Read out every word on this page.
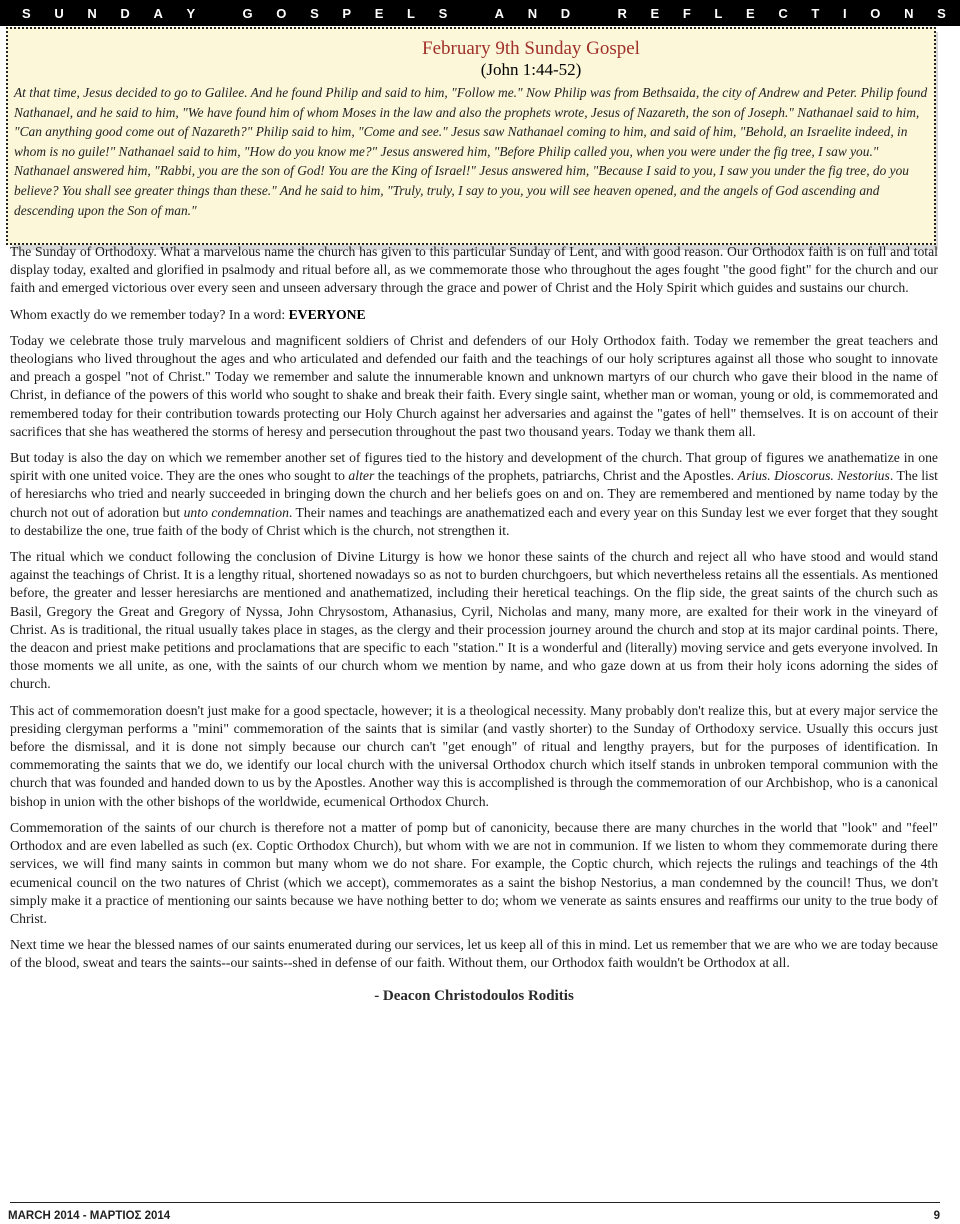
S U N D A Y	G O S P E L S	A N D	R E F L E C T I O N S
February 9th Sunday Gospel
(John 1:44-52)
At that time, Jesus decided to go to Galilee. And he found Philip and said to him, "Follow me." Now Philip was from Bethsaida, the city of Andrew and Peter. Philip found Nathanael, and he said to him, "We have found him of whom Moses in the law and also the prophets wrote, Jesus of Nazareth, the son of Joseph." Nathanael said to him, "Can anything good come out of Nazareth?" Philip said to him, "Come and see." Jesus saw Nathanael coming to him, and said of him, "Behold, an Israelite indeed, in whom is no guile!" Nathanael said to him, "How do you know me?" Jesus answered him, "Before Philip called you, when you were under the fig tree, I saw you." Nathanael answered him, "Rabbi, you are the son of God! You are the King of Israel!" Jesus answered him, "Because I said to you, I saw you under the fig tree, do you believe? You shall see greater things than these." And he said to him, "Truly, truly, I say to you, you will see heaven opened, and the angels of God ascending and descending upon the Son of man."

The Sunday of Orthodoxy. What a marvelous name the church has given to this particular Sunday of Lent, and with good reason. Our Orthodox faith is on full and total display today, exalted and glorified in psalmody and ritual before all, as we commemorate those who throughout the ages fought "the good fight" for the church and our faith and emerged victorious over every seen and unseen adversary through the grace and power of Christ and the Holy Spirit which guides and sustains our church.

Whom exactly do we remember today? In a word: EVERYONE

Today we celebrate those truly marvelous and magnificent soldiers of Christ and defenders of our Holy Orthodox faith. Today we remember the great teachers and theologians who lived throughout the ages and who articulated and defended our faith and the teachings of our holy scriptures against all those who sought to innovate and preach a gospel "not of Christ." Today we remember and salute the innumerable known and unknown martyrs of our church who gave their blood in the name of Christ, in defiance of the powers of this world who sought to shake and break their faith. Every single saint, whether man or woman, young or old, is commemorated and remembered today for their contribution towards protecting our Holy Church against her adversaries and against the "gates of hell" themselves. It is on account of their sacrifices that she has weathered the storms of heresy and persecution throughout the past two thousand years. Today we thank them all.

But today is also the day on which we remember another set of figures tied to the history and development of the church. That group of figures we anathematize in one spirit with one united voice. They are the ones who sought to alter the teachings of the prophets, patriarchs, Christ and the Apostles. Arius. Dioscorus. Nestorius. The list of heresiarchs who tried and nearly succeeded in bringing down the church and her beliefs goes on and on. They are remembered and mentioned by name today by the church not out of adoration but unto condemnation. Their names and teachings are anathematized each and every year on this Sunday lest we ever forget that they sought to destabilize the one, true faith of the body of Christ which is the church, not strengthen it.

The ritual which we conduct following the conclusion of Divine Liturgy is how we honor these saints of the church and reject all who have stood and would stand against the teachings of Christ. It is a lengthy ritual, shortened nowadays so as not to burden churchgoers, but which nevertheless retains all the essentials. As mentioned before, the greater and lesser heresiarchs are mentioned and anathematized, including their heretical teachings. On the flip side, the great saints of the church such as Basil, Gregory the Great and Gregory of Nyssa, John Chrysostom, Athanasius, Cyril, Nicholas and many, many more, are exalted for their work in the vineyard of Christ. As is traditional, the ritual usually takes place in stages, as the clergy and their procession journey around the church and stop at its major cardinal points. There, the deacon and priest make petitions and proclamations that are specific to each "station." It is a wonderful and (literally) moving service and gets everyone involved. In those moments we all unite, as one, with the saints of our church whom we mention by name, and who gaze down at us from their holy icons adorning the sides of church.

This act of commemoration doesn't just make for a good spectacle, however; it is a theological necessity. Many probably don't realize this, but at every major service the presiding clergyman performs a "mini" commemoration of the saints that is similar (and vastly shorter) to the Sunday of Orthodoxy service. Usually this occurs just before the dismissal, and it is done not simply because our church can't "get enough" of ritual and lengthy prayers, but for the purposes of identification. In commemorating the saints that we do, we identify our local church with the universal Orthodox church which itself stands in unbroken temporal communion with the church that was founded and handed down to us by the Apostles. Another way this is accomplished is through the commemoration of our Archbishop, who is a canonical bishop in union with the other bishops of the worldwide, ecumenical Orthodox Church.

Commemoration of the saints of our church is therefore not a matter of pomp but of canonicity, because there are many churches in the world that "look" and "feel" Orthodox and are even labelled as such (ex. Coptic Orthodox Church), but whom with we are not in communion. If we listen to whom they commemorate during there services, we will find many saints in common but many whom we do not share. For example, the Coptic church, which rejects the rulings and teachings of the 4th ecumenical council on the two natures of Christ (which we accept), commemorates as a saint the bishop Nestorius, a man condemned by the council! Thus, we don't simply make it a practice of mentioning our saints because we have nothing better to do; whom we venerate as saints ensures and reaffirms our unity to the true body of Christ.

Next time we hear the blessed names of our saints enumerated during our services, let us keep all of this in mind. Let us remember that we are who we are today because of the blood, sweat and tears the saints--our saints--shed in defense of our faith. Without them, our Orthodox faith wouldn't be Orthodox at all.

- Deacon Christodoulos Roditis
MARCH 2014 - ΜΑΡΤΙΟΣ 2014	9
